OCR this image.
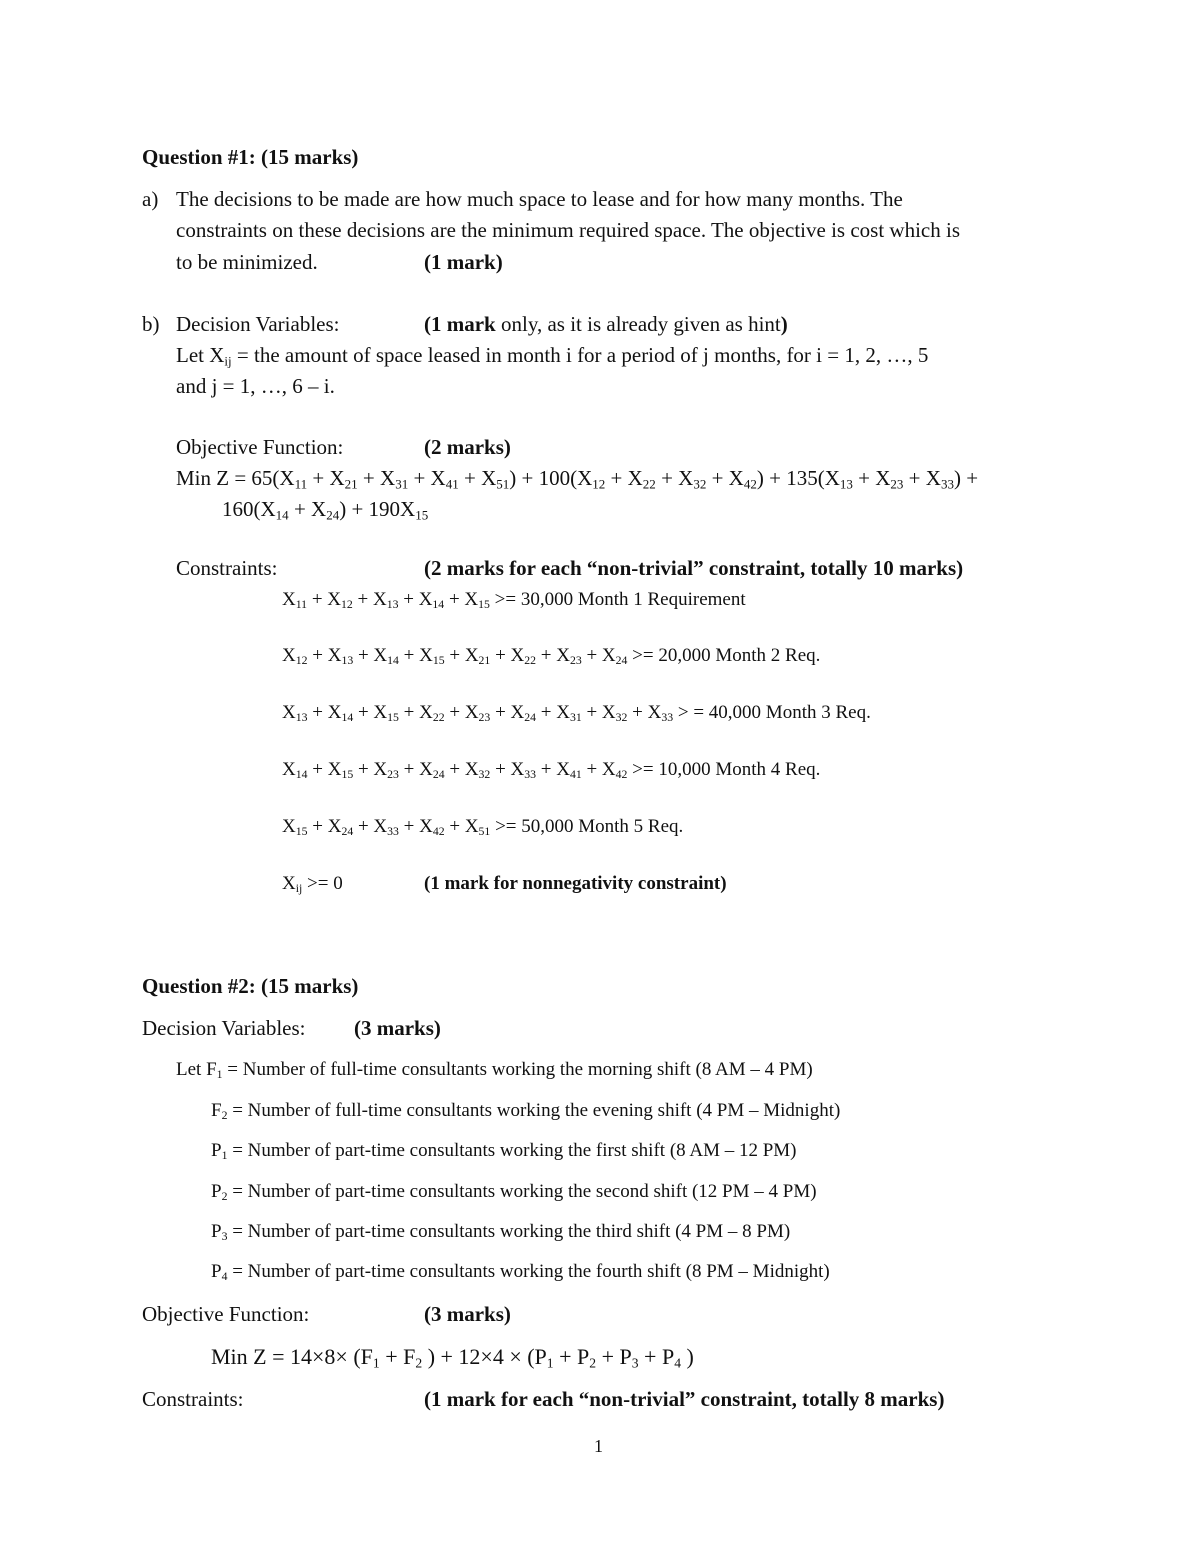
Question #1: (15 marks)
a) The decisions to be made are how much space to lease and for how many months. The
constraints on these decisions are the minimum required space. The objective is cost which is
to be minimized.	(1 mark)
b) Decision Variables:	(1 mark only, as it is already given as hint)
Let $X_{ij}$ = the amount of space leased in month i for a period of j months, for i = 1, 2, …, 5
and j = 1, …, 6 – i.
Objective Function:	(2 marks)
Min $Z = 65(X_{11} + X_{21} + X_{31} + X_{41} + X_{51}) + 100(X_{12} + X_{22} + X_{32} + X_{42}) + 135(X_{13} + X_{23} + X_{33})$ +
$160(X_{14} + X_{24}) + 190X_{15}$
Constraints:	(2 marks for each “non-trivial” constraint, totally 10 marks)
$X_{11} + X_{12} + X_{13} + X_{14} + X_{15} >= 30,000$ Month 1 Requirement
$X_{12} + X_{13} + X_{14} + X_{15} + X_{21} + X_{22} + X_{23} + X_{24} >= 20,000$ Month 2 Req.
$X_{13} + X_{14} + X_{15} + X_{22} + X_{23} + X_{24} + X_{31} + X_{32} + X_{33}$ > = 40,000 Month 3 Req.
$X_{14} + X_{15} + X_{23} + X_{24} + X_{32} + X_{33} + X_{41} + X_{42} >= 10,000$ Month 4 Req.
$X_{15} + X_{24} + X_{33} + X_{42} + X_{51} >= 50,000$ Month 5 Req.
$X_{ij} >= 0$	(1 mark for nonnegativity constraint)
Question #2: (15 marks)
Decision Variables: (3 marks)
Let $F_1$ = Number of full-time consultants working the morning shift (8 AM – 4 PM)
$F_2$ = Number of full-time consultants working the evening shift (4 PM – Midnight)
$P_1$ = Number of part-time consultants working the first shift (8 AM – 12 PM)
$P_2$ = Number of part-time consultants working the second shift (12 PM – 4 PM)
$P_3$ = Number of part-time consultants working the third shift (4 PM – 8 PM)
$P_4$ = Number of part-time consultants working the fourth shift (8 PM – Midnight)
Objective Function:	(3 marks)
Min $Z = 14\times 8\times (F_1 + F_2$ ) + $12\times 4 \times (P_1 + P_2 + P_3 + P_4$ )
Constraints:	(1 mark for each “non-trivial” constraint, totally 8 marks)
1
